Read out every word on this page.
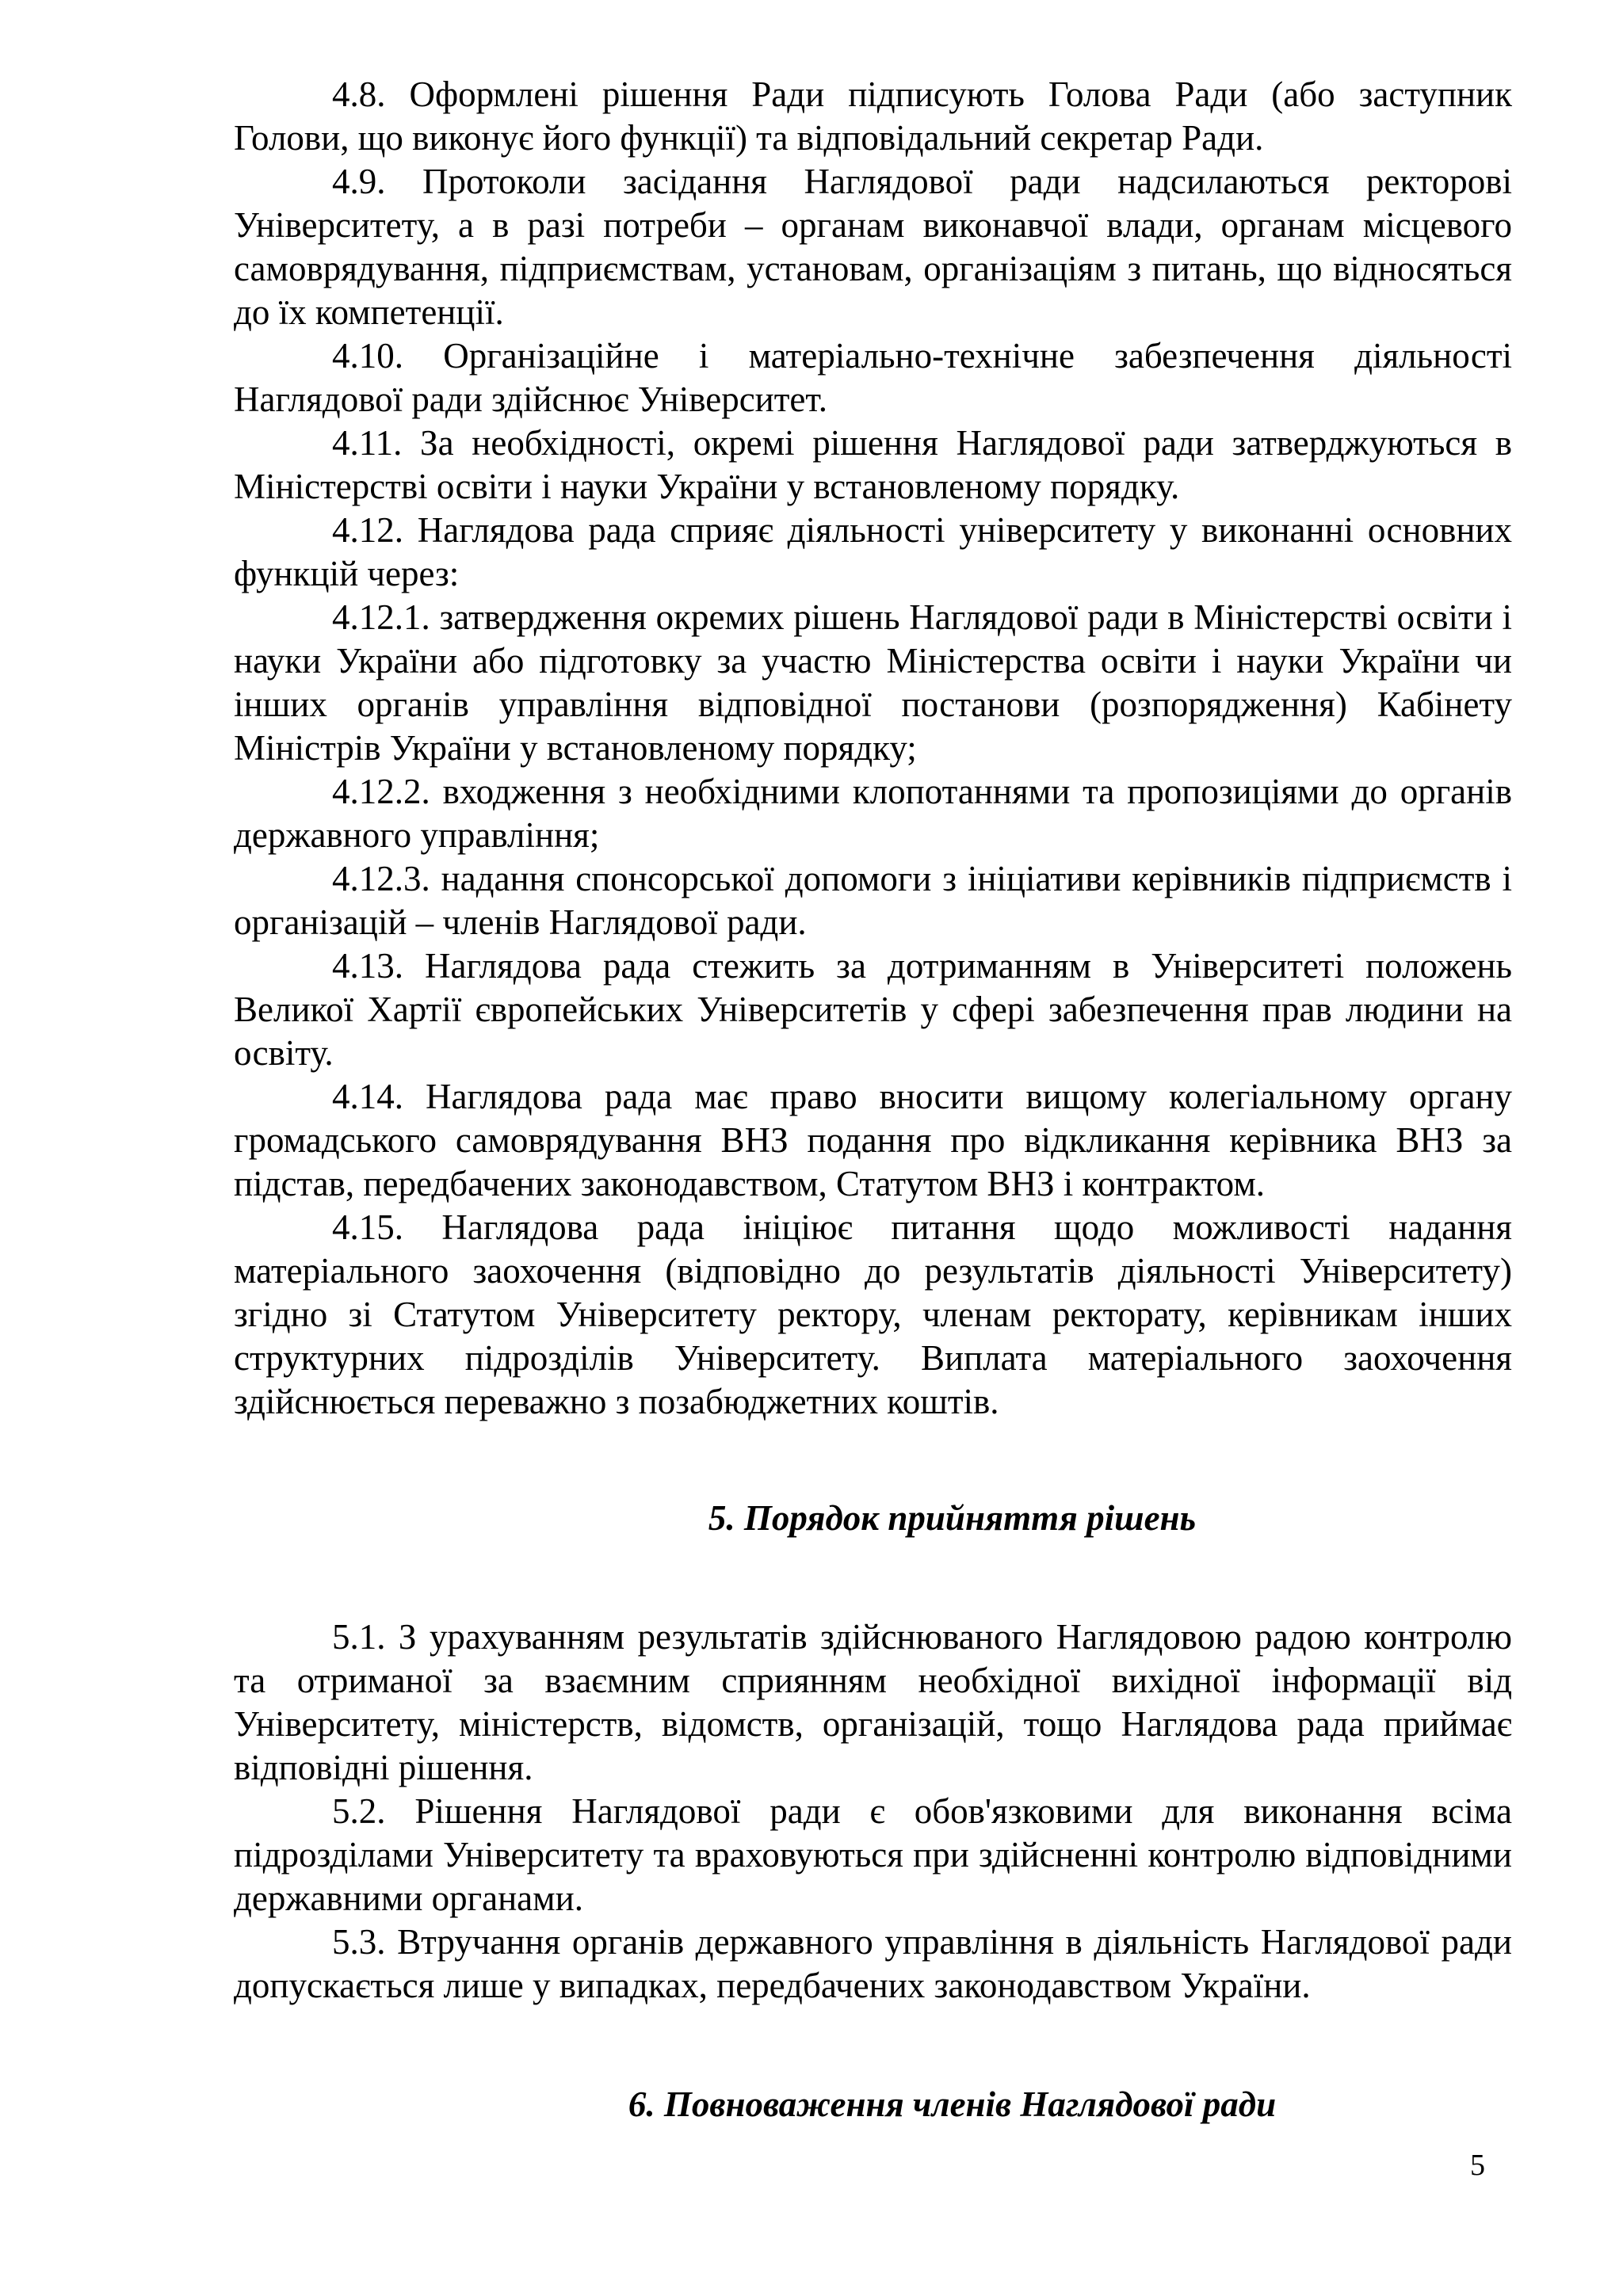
4.8. Оформлені рішення Ради підписують Голова Ради (або заступник Голови, що виконує його функції) та відповідальний секретар Ради.

4.9. Протоколи засідання Наглядової ради надсилаються ректорові Університету, а в разі потреби – органам виконавчої влади, органам місцевого самоврядування, підприємствам, установам, організаціям з питань, що відносяться до їх компетенції.

4.10. Організаційне і матеріально-технічне забезпечення діяльності Наглядової ради здійснює Університет.

4.11. За необхідності, окремі рішення Наглядової ради затверджуються в Міністерстві освіти і науки України у встановленому порядку.

4.12. Наглядова рада сприяє діяльності університету у виконанні основних функцій через:

4.12.1. затвердження окремих рішень Наглядової ради в Міністерстві освіти і науки України або підготовку за участю Міністерства освіти і науки України чи інших органів управління відповідної постанови (розпорядження) Кабінету Міністрів України у встановленому порядку;

4.12.2. входження з необхідними клопотаннями та пропозиціями до органів державного управління;

4.12.3. надання спонсорської допомоги з ініціативи керівників підприємств і організацій – членів Наглядової ради.

4.13. Наглядова рада стежить за дотриманням в Університеті положень Великої Хартії європейських Університетів у сфері забезпечення прав людини на освіту.

4.14. Наглядова рада має право вносити вищому колегіальному органу громадського самоврядування ВНЗ подання про відкликання керівника ВНЗ за підстав, передбачених законодавством, Статутом ВНЗ і контрактом.

4.15. Наглядова рада ініціює питання щодо можливості надання матеріального заохочення (відповідно до результатів діяльності Університету) згідно зі Статутом Університету ректору, членам ректорату, керівникам інших структурних підрозділів Університету. Виплата матеріального заохочення здійснюється переважно з позабюджетних коштів.

5. Порядок прийняття рішень

5.1. З урахуванням результатів здійснюваного Наглядовою радою контролю та отриманої за взаємним сприянням необхідної вихідної інформації від Університету, міністерств, відомств, організацій, тощо Наглядова рада приймає відповідні рішення.

5.2. Рішення Наглядової ради є обов'язковими для виконання всіма підрозділами Університету та враховуються при здійсненні контролю відповідними державними органами.

5.3. Втручання органів державного управління в діяльність Наглядової ради допускається лише у випадках, передбачених законодавством України.

6. Повноваження членів Наглядової ради

5
